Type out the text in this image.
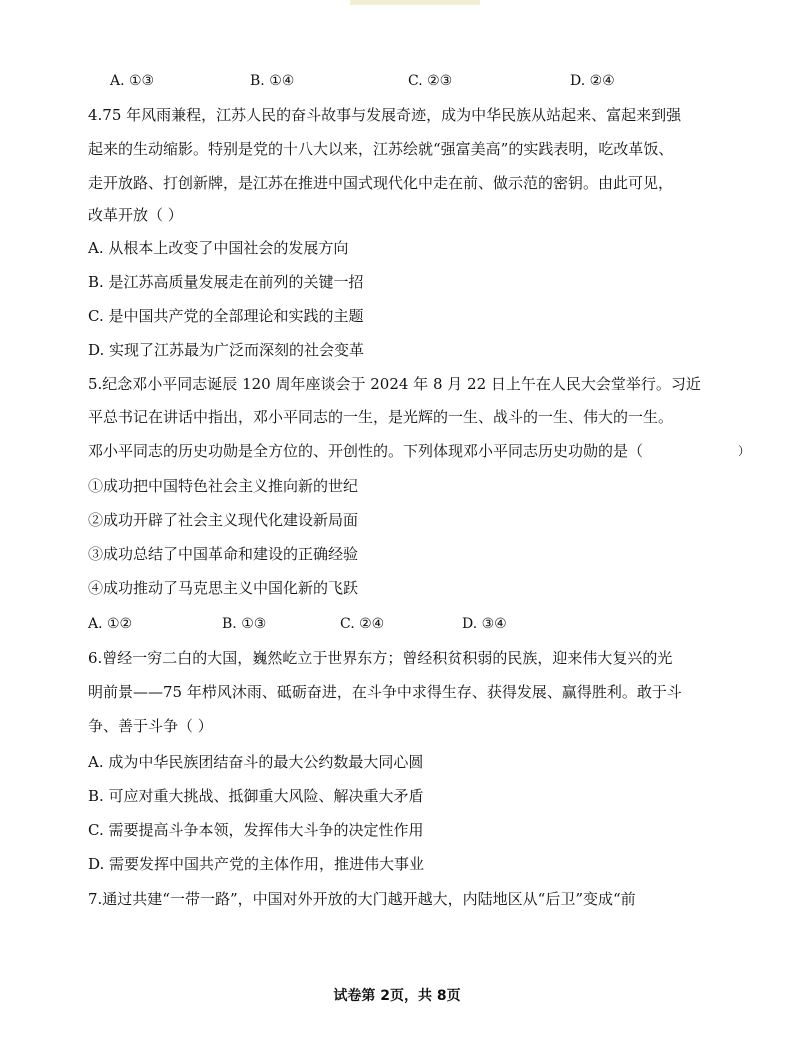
A. ①③	B. ①④	C. ②③	D. ②④
4.75 年风雨兼程，江苏人民的奋斗故事与发展奇迹，成为中华民族从站起来、富起来到强
起来的生动缩影。特别是党的十八大以来，江苏绘就“强富美高”的实践表明，吃改革饭、
走开放路、打创新牌，是江苏在推进中国式现代化中走在前、做示范的密钥。由此可见，
改革开放（ ）
A. 从根本上改变了中国社会的发展方向
B. 是江苏高质量发展走在前列的关键一招
C. 是中国共产党的全部理论和实践的主题
D. 实现了江苏最为广泛而深刻的社会变革
5.纪念邓小平同志诞辰 120 周年座谈会于 2024 年 8 月 22 日上午在人民大会堂举行。习近
平总书记在讲话中指出，邓小平同志的一生，是光辉的一生、战斗的一生、伟大的一生。
邓小平同志的历史功勋是全方位的、开创性的。下列体现邓小平同志历史功勋的是（	）
①成功把中国特色社会主义推向新的世纪
②成功开辟了社会主义现代化建设新局面
③成功总结了中国革命和建设的正确经验
④成功推动了马克思主义中国化新的飞跃
A. ①②	B. ①③	C. ②④	D. ③④
6.曾经一穷二白的大国，巍然屹立于世界东方；曾经积贫积弱的民族，迎来伟大复兴的光
明前景——75 年栉风沐雨、砥砺奋进，在斗争中求得生存、获得发展、赢得胜利。敢于斗
争、善于斗争（ ）
A. 成为中华民族团结奋斗的最大公约数最大同心圆
B. 可应对重大挑战、抵御重大风险、解决重大矛盾
C. 需要提高斗争本领，发挥伟大斗争的决定性作用
D. 需要发挥中国共产党的主体作用，推进伟大事业
7.通过共建“一带一路”，中国对外开放的大门越开越大，内陆地区从“后卫”变成“前
试卷第 2页，共 8页
